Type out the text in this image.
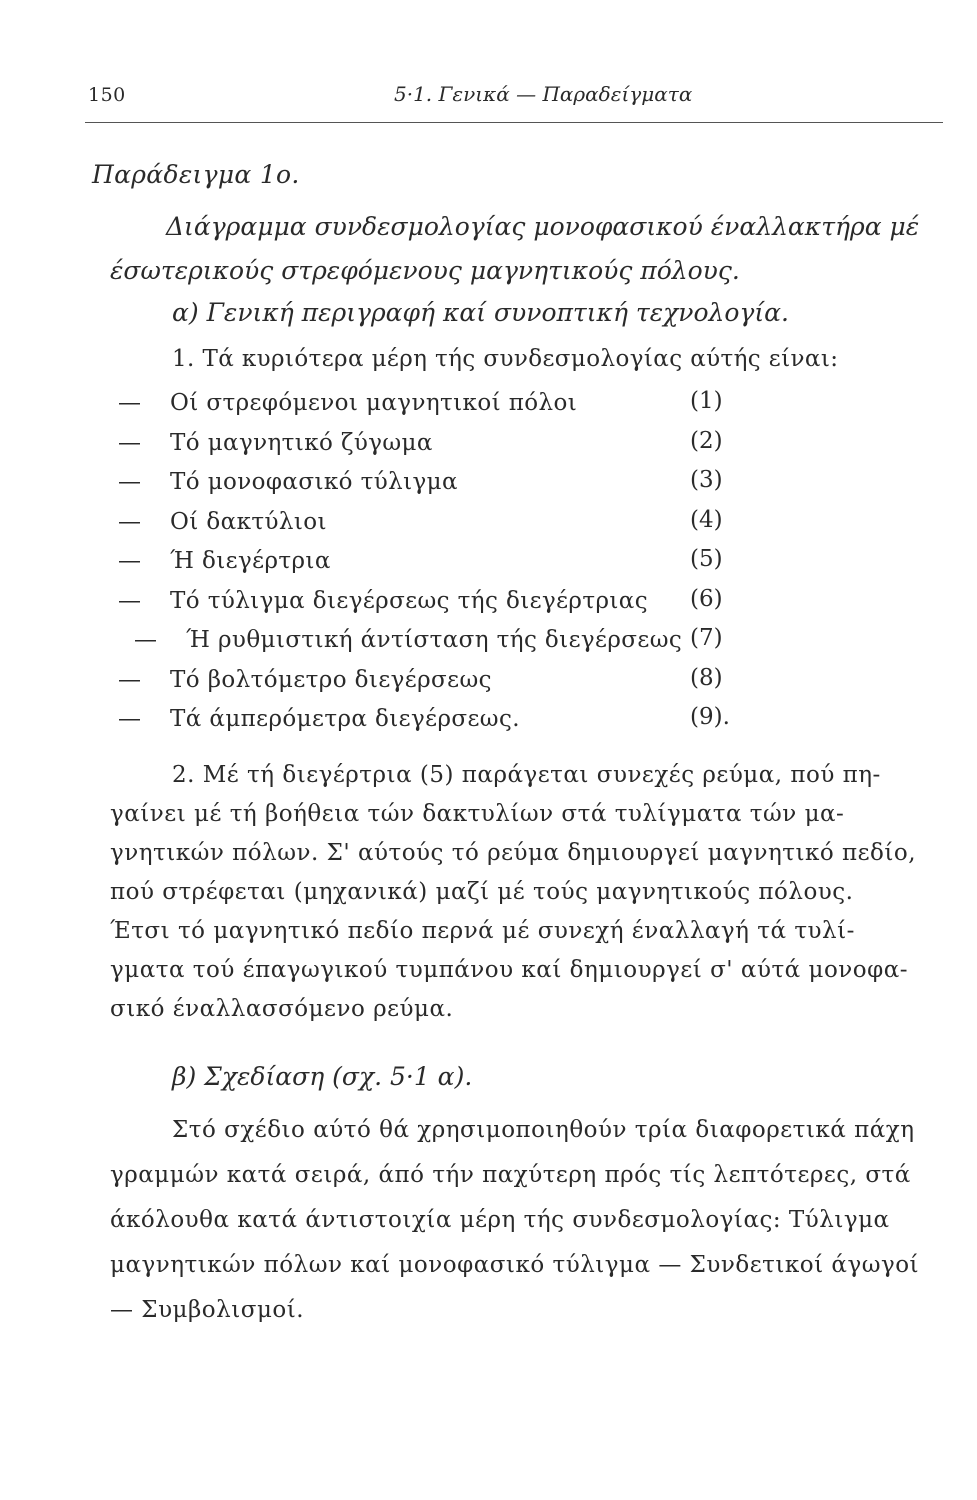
150	5·1. Γενικά — Παραδείγματα
Παράδειγμα 1ο.
Διάγραμμα συνδεσμολογίας μονοφασικού έναλλακτήρα μέ
έσωτερικούς στρεφόμενους μαγνητικούς πόλους.
α) Γενική περιγραφή καί συνοπτική τεχνολογία.
1. Τά κυριότερα μέρη τής συνδεσμολογίας αύτής είναι:
— Οί στρεφόμενοι μαγνητικοί πόλοι	(1)
— Τό μαγνητικό ζύγωμα	(2)
— Τό μονοφασικό τύλιγμα	(3)
— Οί δακτύλιοι	(4)
— Ή διεγέρτρια	(5)
— Τό τύλιγμα διεγέρσεως τής διεγέρτριας (6)
— Ή ρυθμιστική άντίσταση τής διεγέρσεως (7)
— Τό βολτόμετρο διεγέρσεως	(8)
— Τά άμπερόμετρα διεγέρσεως.	(9).
2. Μέ τή διεγέρτρια (5) παράγεται συνεχές ρεύμα, πού πη-
γαίνει μέ τή βοήθεια τών δακτυλίων στά τυλίγματα τών μα-
γνητικών πόλων. Σ' αύτούς τό ρεύμα δημιουργεί μαγνητικό πεδίο,
πού στρέφεται (μηχανικά) μαζί μέ τούς μαγνητικούς πόλους.
Έτσι τό μαγνητικό πεδίο περνά μέ συνεχή έναλλαγή τά τυλί-
γματα τού έπαγωγικού τυμπάνου καί δημιουργεί σ' αύτά μονοφα-
σικό έναλλασσόμενο ρεύμα.
β) Σχεδίαση (σχ. 5·1 α).
Στό σχέδιο αύτό θά χρησιμοποιηθούν τρία διαφορετικά πάχη
γραμμών κατά σειρά, άπό τήν παχύτερη πρός τίς λεπτότερες, στά
άκόλουθα κατά άντιστοιχία μέρη τής συνδεσμολογίας: Τύλιγμα
μαγνητικών πόλων καί μονοφασικό τύλιγμα — Συνδετικοί άγωγοί
— Συμβολισμοί.
